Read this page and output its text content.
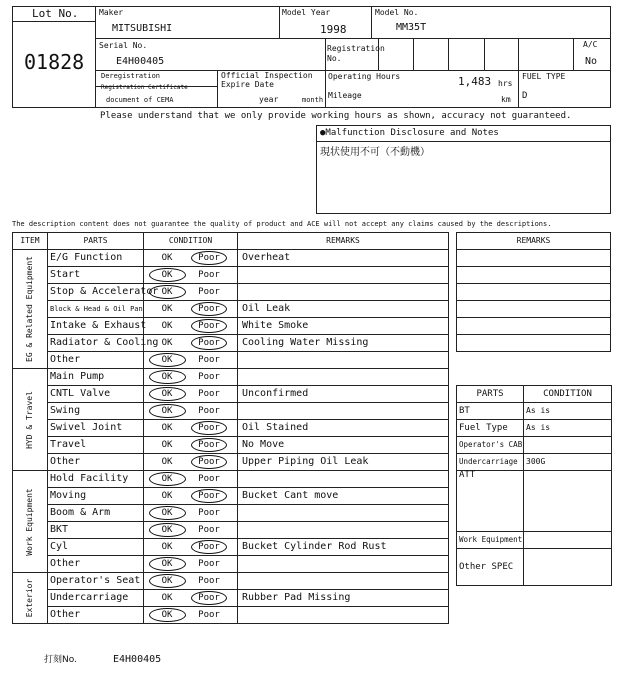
Lot No.
01828
Maker
MITSUBISHI
Model Year
1998
Model No.
MM35T
Serial No.
E4H00405
Registration No.
A/C
No
Deregistration
Registration Certificate
document of CEMA
Official Inspection
Expire Date
year	month
Operating Hours	1,483 hrs
Mileage	km
FUEL TYPE
D
Please understand that we only provide working hours as shown, accuracy not guaranteed.
●Malfunction Disclosure and Notes
現状使用不可（不動機）
The description content does not guarantee the quality of product and ACE will not accept any claims caused by the descriptions.
ITEM	PARTS	CONDITION	REMARKS

EG & Related Equipment	E/G Function	OK Poor	Overheat
	Start	OK Poor	

	Stop & Accelerator	OK Poor	

	Block & Head & Oil Pan	OK Poor	Oil Leak
	Intake & Exhaust	OK Poor	White Smoke
	Radiator & Cooling	OK Poor	Cooling Water Missing
	Other	OK Poor	

HYD & Travel	Main Pump	OK Poor	

	CNTL Valve	OK Poor	Unconfirmed
	Swing	OK Poor	

	Swivel Joint	OK Poor	Oil Stained
	Travel	OK Poor	No Move
	Other	OK Poor	Upper Piping Oil Leak

Work Equipment	Hold Facility	OK Poor	

	Moving	OK Poor	Bucket Cant move
	Boom & Arm	OK Poor	

	BKT	OK Poor	

	Cyl	OK Poor	Bucket Cylinder Rod Rust
	Other	OK Poor	

Exterior	Operator's Seat	OK Poor	

	Undercarriage	OK Poor	Rubber Pad Missing
	Other	OK Poor	

REMARKS

PARTS	CONDITION
BT	As is
Fuel Type	As is
Operator's CAB	
Undercarriage	300G
ATT	
Work Equipment	
Other SPEC	
打刻No.	E4H00405
